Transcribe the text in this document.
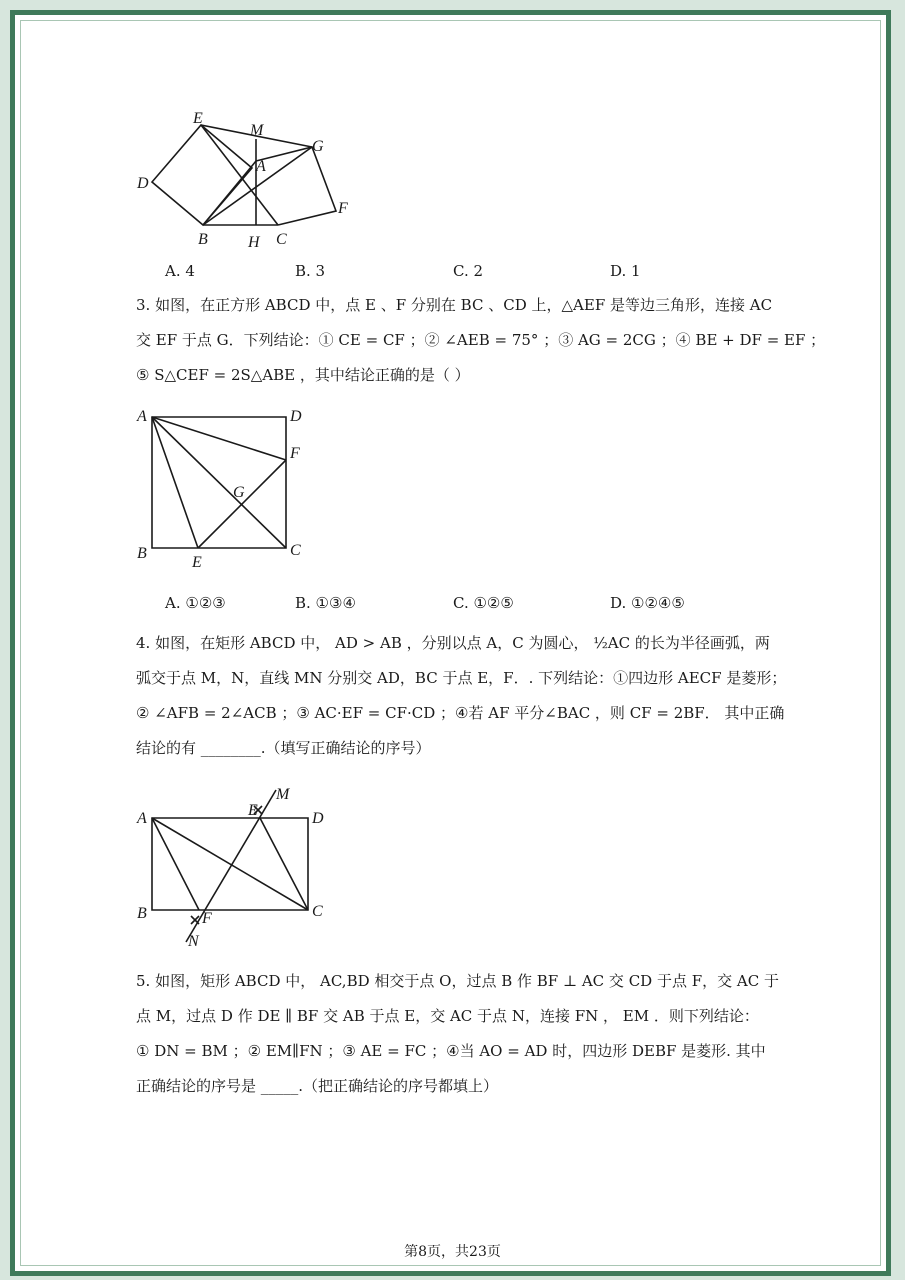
E
M
G
A
D
F
B	H C
A. 4	B. 3	C. 2	D. 1

3. 如图，在正方形 ABCD 中，点 E 、F 分别在 BC 、CD 上，△AEF 是等边三角形，连接 AC

交 EF 于点 G．下列结论：① CE = CF ；② ∠AEB = 75° ；③ AG = 2CG ；④ BE + DF = EF ；

⑤ S△CEF = 2S△ABE ，其中结论正确的是（ ）

A	D
F
G
B
E
C
A. ①②③	B. ①③④	C. ①②⑤	D. ①②④⑤

4. 如图，在矩形 ABCD 中， AD > AB ，分别以点 A，C 为圆心， ½AC 的长为半径画弧，两

弧交于点 M，N，直线 MN 分别交 AD，BC 于点 E，F．. 下列结论：①四边形 AECF 是菱形；

② ∠AFB = 2∠ACB ；③ AC·EF = CF·CD ；④若 AF 平分∠BAC ，则 CF = 2BF． 其中正确

结论的有 ________.（填写正确结论的序号）

A	E
M
D
B	F	C
N

5. 如图，矩形 ABCD 中， AC,BD 相交于点 O，过点 B 作 BF ⊥ AC 交 CD 于点 F，交 AC 于

点 M，过点 D 作 DE ∥ BF 交 AB 于点 E，交 AC 于点 N，连接 FN ， EM ．则下列结论：

① DN = BM ；② EM∥FN ；③ AE = FC ；④当 AO = AD 时，四边形 DEBF 是菱形. 其中

正确结论的序号是 _____.（把正确结论的序号都填上）

第8页，共23页
